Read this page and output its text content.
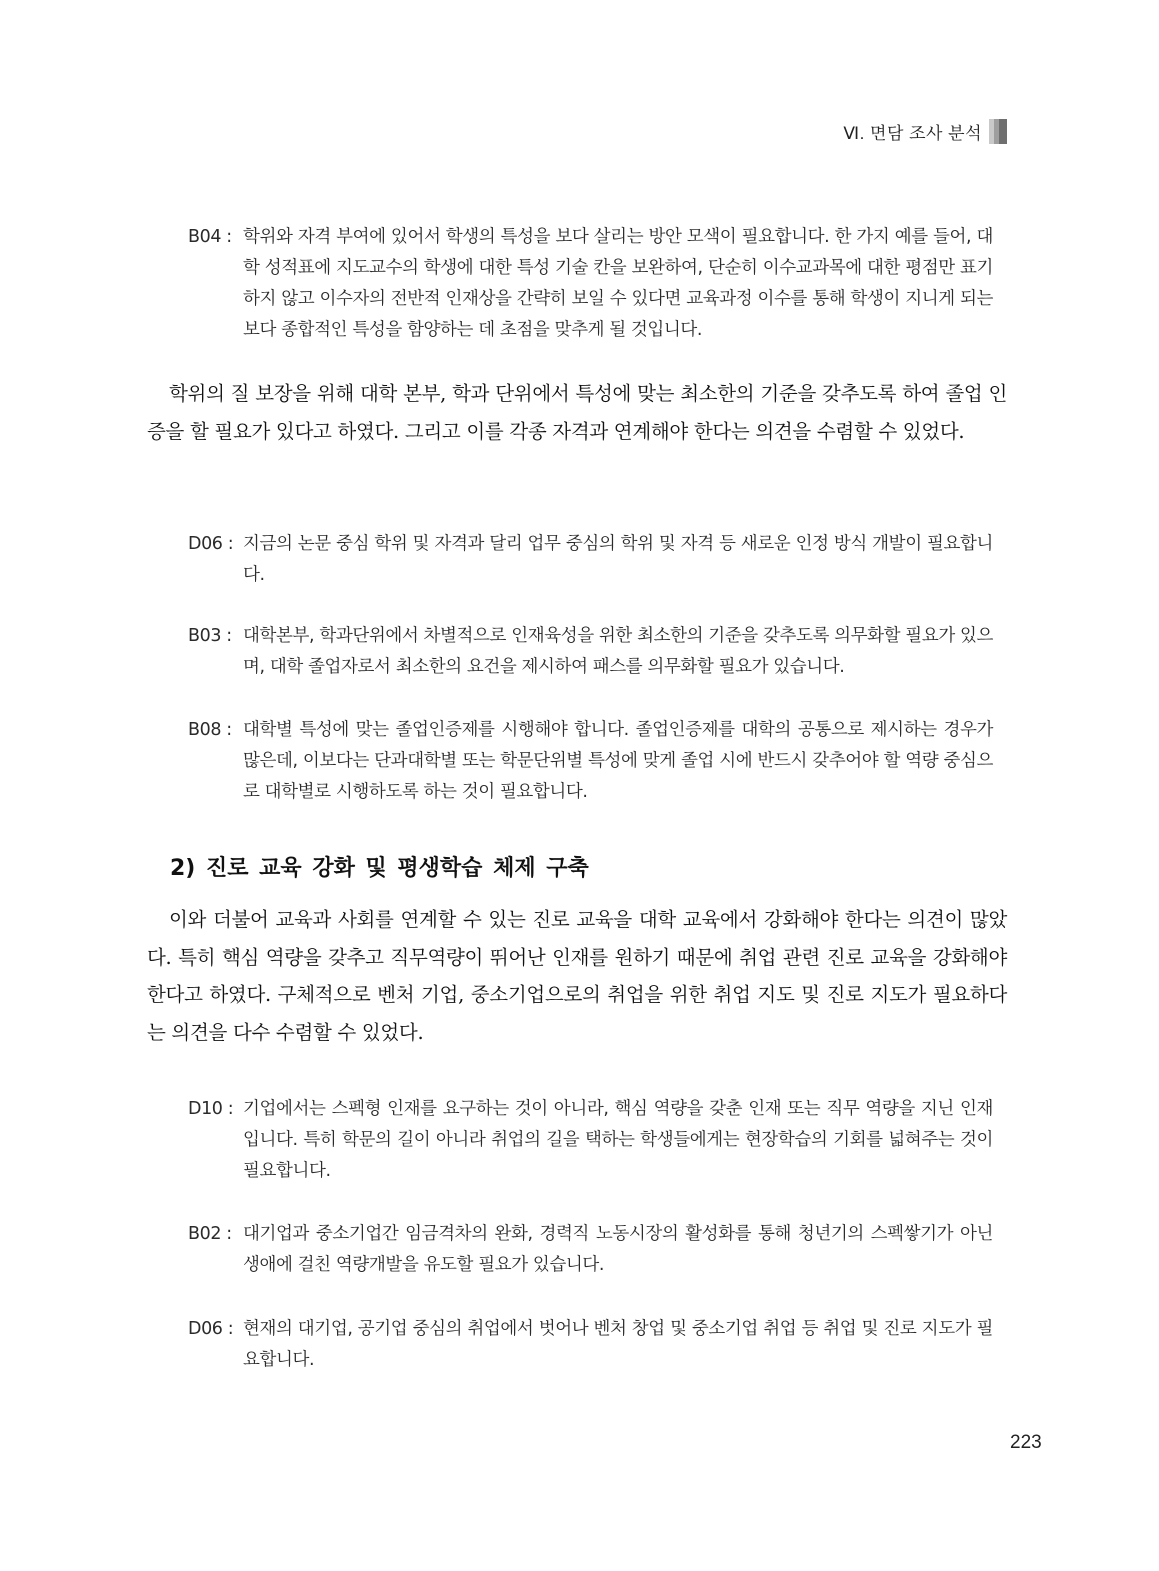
Ⅵ. 면담 조사 분석
B04 : 학위와 자격 부여에 있어서 학생의 특성을 보다 살리는 방안 모색이 필요합니다. 한 가지 예를 들어, 대학 성적표에 지도교수의 학생에 대한 특성 기술 칸을 보완하여, 단순히 이수교과목에 대한 평점만 표기하지 않고 이수자의 전반적 인재상을 간략히 보일 수 있다면 교육과정 이수를 통해 학생이 지니게 되는 보다 종합적인 특성을 함양하는 데 초점을 맞추게 될 것입니다.
학위의 질 보장을 위해 대학 본부, 학과 단위에서 특성에 맞는 최소한의 기준을 갖추도록 하여 졸업 인증을 할 필요가 있다고 하였다. 그리고 이를 각종 자격과 연계해야 한다는 의견을 수렴할 수 있었다.
D06 : 지금의 논문 중심 학위 및 자격과 달리 업무 중심의 학위 및 자격 등 새로운 인정 방식 개발이 필요합니다.
B03 : 대학본부, 학과단위에서 차별적으로 인재육성을 위한 최소한의 기준을 갖추도록 의무화할 필요가 있으며, 대학 졸업자로서 최소한의 요건을 제시하여 패스를 의무화할 필요가 있습니다.
B08 : 대학별 특성에 맞는 졸업인증제를 시행해야 합니다. 졸업인증제를 대학의 공통으로 제시하는 경우가 많은데, 이보다는 단과대학별 또는 학문단위별 특성에 맞게 졸업 시에 반드시 갖추어야 할 역량 중심으로 대학별로 시행하도록 하는 것이 필요합니다.
2) 진로 교육 강화 및 평생학습 체제 구축
이와 더불어 교육과 사회를 연계할 수 있는 진로 교육을 대학 교육에서 강화해야 한다는 의견이 많았다. 특히 핵심 역량을 갖추고 직무역량이 뛰어난 인재를 원하기 때문에 취업 관련 진로 교육을 강화해야 한다고 하였다. 구체적으로 벤처 기업, 중소기업으로의 취업을 위한 취업 지도 및 진로 지도가 필요하다는 의견을 다수 수렴할 수 있었다.
D10 : 기업에서는 스펙형 인재를 요구하는 것이 아니라, 핵심 역량을 갖춘 인재 또는 직무 역량을 지닌 인재입니다. 특히 학문의 길이 아니라 취업의 길을 택하는 학생들에게는 현장학습의 기회를 넓혀주는 것이 필요합니다.
B02 : 대기업과 중소기업간 임금격차의 완화, 경력직 노동시장의 활성화를 통해 청년기의 스펙쌓기가 아닌 생애에 걸친 역량개발을 유도할 필요가 있습니다.
D06 : 현재의 대기업, 공기업 중심의 취업에서 벗어나 벤처 창업 및 중소기업 취업 등 취업 및 진로 지도가 필요합니다.
223
